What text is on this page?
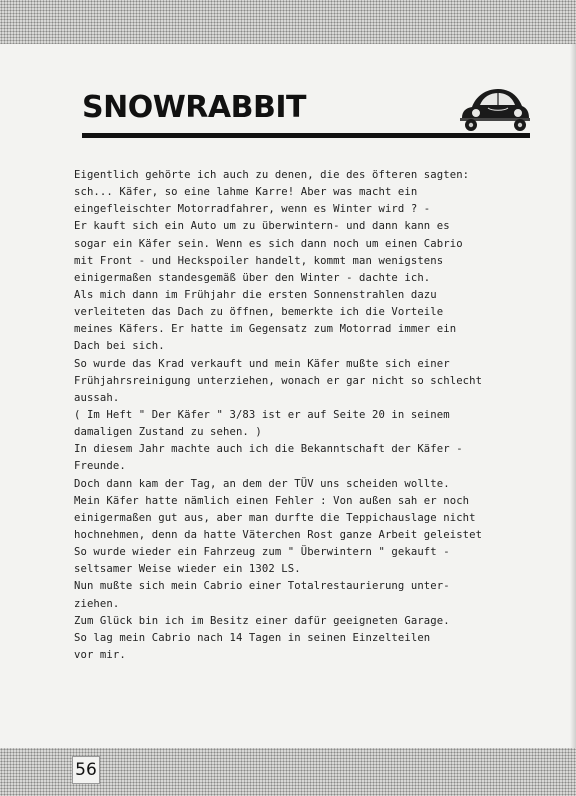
SNOWRABBIT
Eigentlich gehörte ich auch zu denen, die des öfteren sagten:
sch... Käfer, so eine lahme Karre! Aber was macht ein
eingefleischter Motorradfahrer, wenn es Winter wird ? -
Er kauft sich ein Auto um zu überwintern- und dann kann es
sogar ein Käfer sein. Wenn es sich dann noch um einen Cabrio
mit Front - und Heckspoiler handelt, kommt man wenigstens
einigermaßen standesgemäß über den Winter - dachte ich.
Als mich dann im Frühjahr die ersten Sonnenstrahlen dazu
verleiteten das Dach zu öffnen, bemerkte ich die Vorteile
meines Käfers. Er hatte im Gegensatz zum Motorrad immer ein
Dach bei sich.
So wurde das Krad verkauft und mein Käfer mußte sich einer
Frühjahrsreinigung unterziehen, wonach er gar nicht so schlecht
aussah.
( Im Heft " Der Käfer " 3/83 ist er auf Seite 20 in seinem
damaligen Zustand zu sehen. )
In diesem Jahr machte auch ich die Bekanntschaft der Käfer -
Freunde.
Doch dann kam der Tag, an dem der TÜV uns scheiden wollte.
Mein Käfer hatte nämlich einen Fehler : Von außen sah er noch
einigermaßen gut aus, aber man durfte die Teppichauslage nicht
hochnehmen, denn da hatte Väterchen Rost ganze Arbeit geleistet
So wurde wieder ein Fahrzeug zum " Überwintern " gekauft -
seltsamer Weise wieder ein 1302 LS.
Nun mußte sich mein Cabrio einer Totalrestaurierung unter-
ziehen.
Zum Glück bin ich im Besitz einer dafür geeigneten Garage.
So lag mein Cabrio nach 14 Tagen in seinen Einzelteilen
vor mir.
56
